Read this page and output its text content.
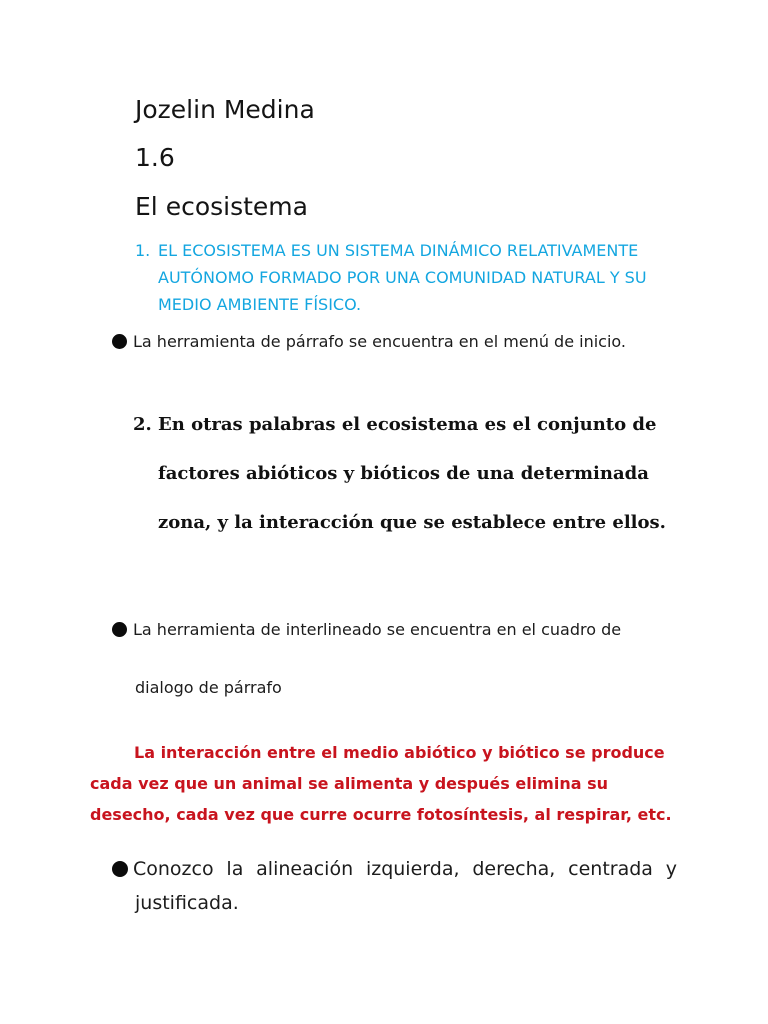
Jozelin Medina
1.6
El ecosistema
1. EL ECOSISTEMA ES UN SISTEMA DINÁMICO RELATIVAMENTE AUTÓNOMO FORMADO POR UNA COMUNIDAD NATURAL Y SU MEDIO AMBIENTE FÍSICO.
La herramienta de párrafo se encuentra en el menú de inicio.
2. En otras palabras el ecosistema es el conjunto de factores abióticos y bióticos de una determinada zona, y la interacción que se establece entre ellos.
La herramienta de interlineado se encuentra en el cuadro de
dialogo de párrafo
La interacción entre el medio abiótico y biótico se produce cada vez que un animal se alimenta y después elimina su desecho, cada vez que curre ocurre fotosíntesis, al respirar, etc.
Conozco la alineación izquierda, derecha, centrada y
justificada.
